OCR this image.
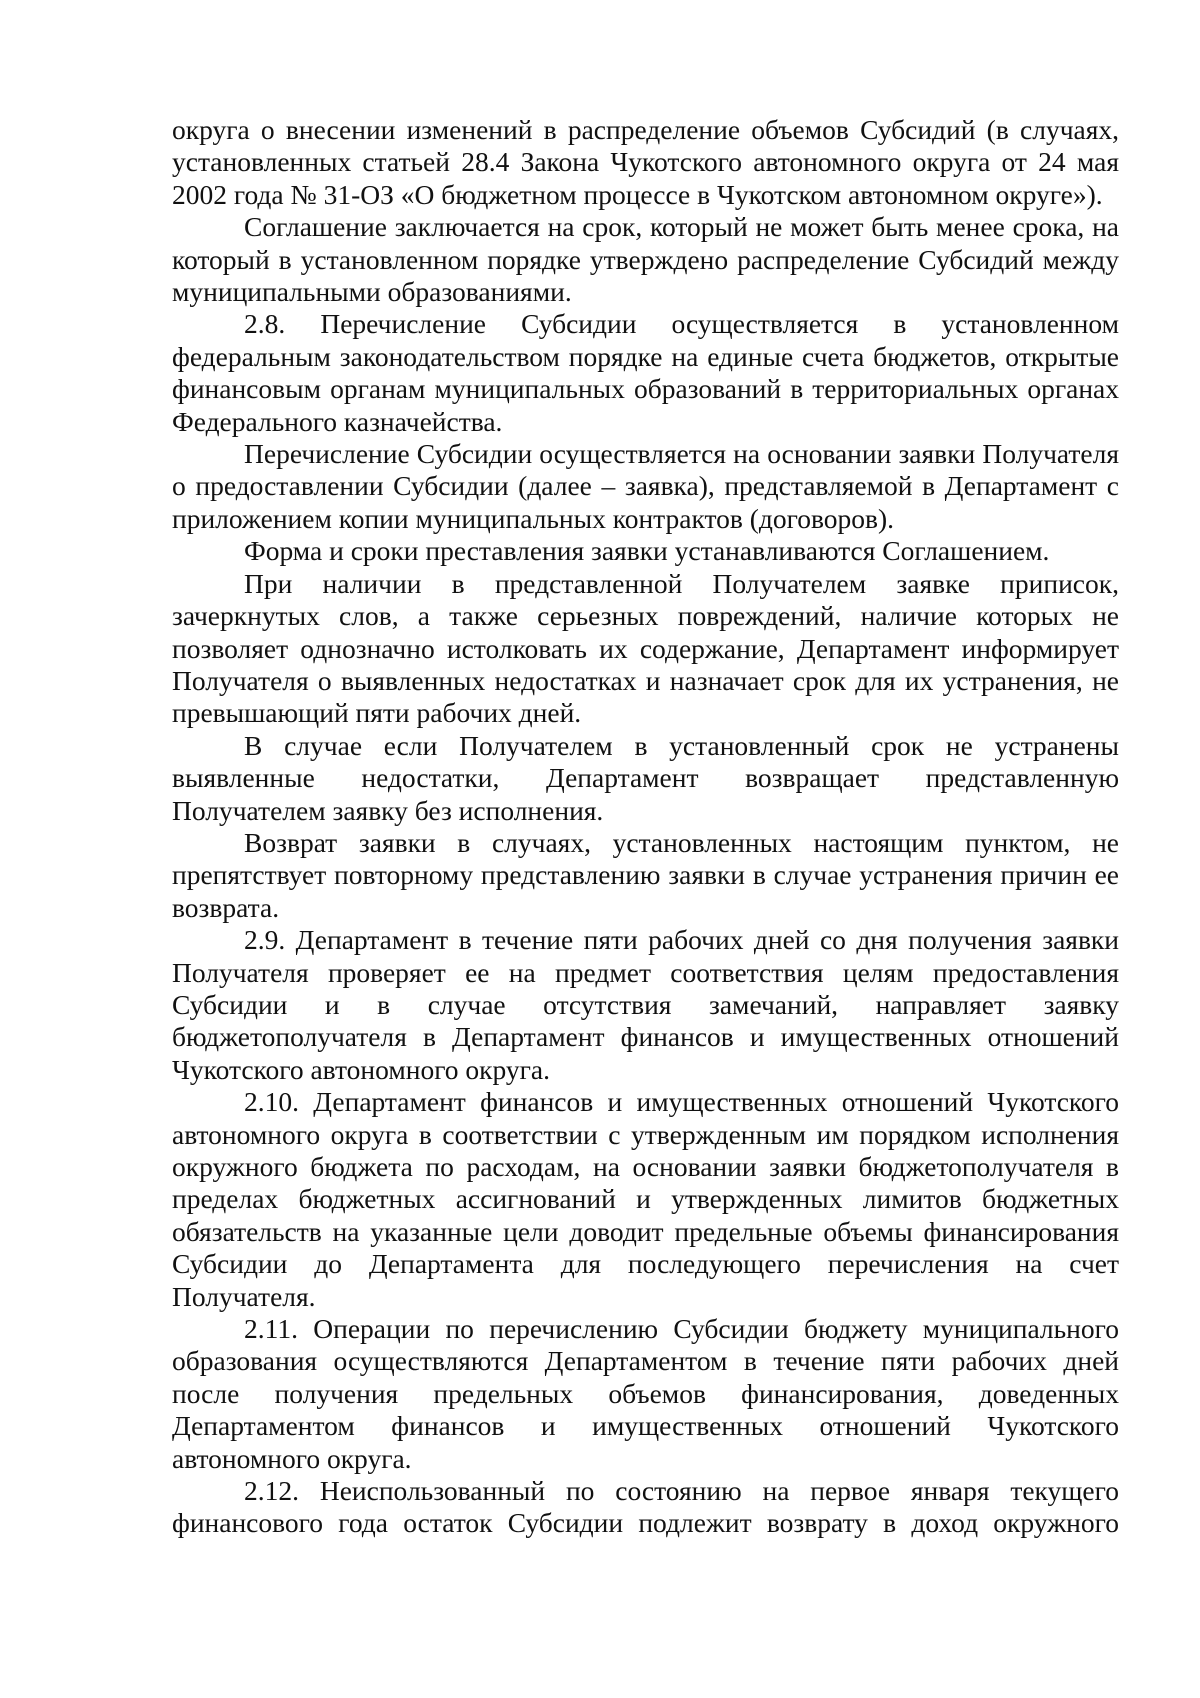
округа о внесении изменений в распределение объемов Субсидий (в случаях, установленных статьей 28.4 Закона Чукотского автономного округа от 24 мая 2002 года № 31-ОЗ «О бюджетном процессе в Чукотском автономном округе»).

Соглашение заключается на срок, который не может быть менее срока, на который в установленном порядке утверждено распределение Субсидий между муниципальными образованиями.

2.8. Перечисление Субсидии осуществляется в установленном федеральным законодательством порядке на единые счета бюджетов, открытые финансовым органам муниципальных образований в территориальных органах Федерального казначейства.

Перечисление Субсидии осуществляется на основании заявки Получателя о предоставлении Субсидии (далее – заявка), представляемой в Департамент с приложением копии муниципальных контрактов (договоров).

Форма и сроки преставления заявки устанавливаются Соглашением.

При наличии в представленной Получателем заявке приписок, зачеркнутых слов, а также серьезных повреждений, наличие которых не позволяет однозначно истолковать их содержание, Департамент информирует Получателя о выявленных недостатках и назначает срок для их устранения, не превышающий пяти рабочих дней.

В случае если Получателем в установленный срок не устранены выявленные недостатки, Департамент возвращает представленную Получателем заявку без исполнения.

Возврат заявки в случаях, установленных настоящим пунктом, не препятствует повторному представлению заявки в случае устранения причин ее возврата.

2.9. Департамент в течение пяти рабочих дней со дня получения заявки Получателя проверяет ее на предмет соответствия целям предоставления Субсидии и в случае отсутствия замечаний, направляет заявку бюджетополучателя в Департамент финансов и имущественных отношений Чукотского автономного округа.

2.10. Департамент финансов и имущественных отношений Чукотского автономного округа в соответствии с утвержденным им порядком исполнения окружного бюджета по расходам, на основании заявки бюджетополучателя в пределах бюджетных ассигнований и утвержденных лимитов бюджетных обязательств на указанные цели доводит предельные объемы финансирования Субсидии до Департамента для последующего перечисления на счет Получателя.

2.11. Операции по перечислению Субсидии бюджету муниципального образования осуществляются Департаментом в течение пяти рабочих дней после получения предельных объемов финансирования, доведенных Департаментом финансов и имущественных отношений Чукотского автономного округа.

2.12. Неиспользованный по состоянию на первое января текущего финансового года остаток Субсидии подлежит возврату в доход окружного
